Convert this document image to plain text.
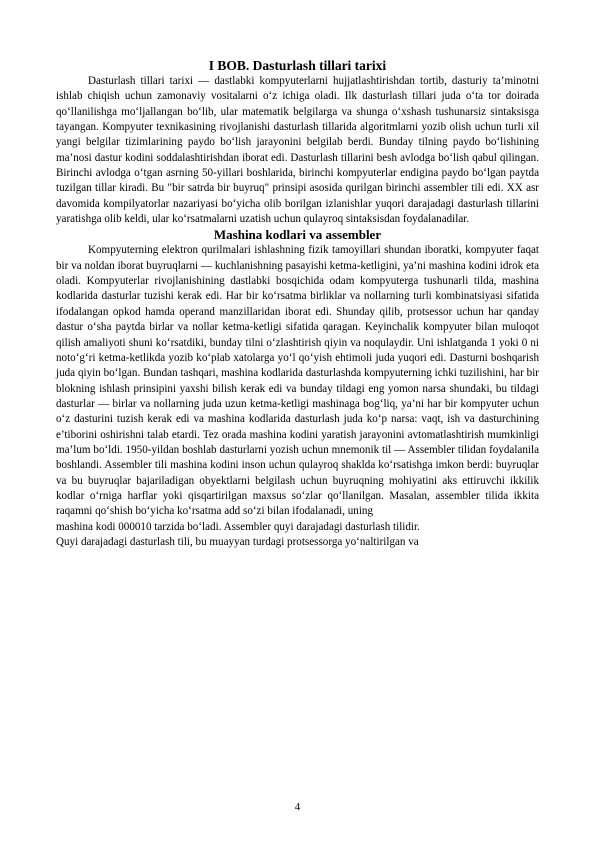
I BOB. Dasturlash tillari tarixi

Dasturlash tillari tarixi — dastlabki kompyuterlarni hujjatlashtirishdan tortib, dasturiy ta’minotni ishlab chiqish uchun zamonaviy vositalarni o‘z ichiga oladi. Ilk dasturlash tillari juda o‘ta tor doirada qo‘llanilishga mo‘ljallangan bo‘lib, ular matematik belgilarga va shunga o‘xshash tushunarsiz sintaksisga tayangan. Kompyuter texnikasining rivojlanishi dasturlash tillarida algoritmlarni yozib olish uchun turli xil yangi belgilar tizimlarining paydo bo‘lish jarayonini belgilab berdi. Bunday tilning paydo bo‘lishining ma’nosi dastur kodini soddalashtirishdan iborat edi. Dasturlash tillarini besh avlodga bo‘lish qabul qilingan. Birinchi avlodga o‘tgan asrning 50-yillari boshlarida, birinchi kompyuterlar endigina paydo bo‘lgan paytda tuzilgan tillar kiradi. Bu "bir satrda bir buyruq" prinsipi asosida qurilgan birinchi assembler tili edi. XX asr davomida kompilyatorlar nazariyasi bo‘yicha olib borilgan izlanishlar yuqori darajadagi dasturlash tillarini yaratishga olib keldi, ular ko‘rsatmalarni uzatish uchun qulayroq sintaksisdan foydalanadilar.

Mashina kodlari va assembler

Kompyuterning elektron qurilmalari ishlashning fizik tamoyillari shundan iboratki, kompyuter faqat bir va noldan iborat buyruqlarni — kuchlanishning pasayishi ketma-ketligini, ya’ni mashina kodini idrok eta oladi. Kompyuterlar rivojlanishining dastlabki bosqichida odam kompyuterga tushunarli tilda, mashina kodlarida dasturlar tuzishi kerak edi. Har bir ko‘rsatma birliklar va nollarning turli kombinatsiyasi sifatida ifodalangan opkod hamda operand manzillaridan iborat edi. Shunday qilib, protsessor uchun har qanday dastur o‘sha paytda birlar va nollar ketma-ketligi sifatida qaragan. Keyinchalik kompyuter bilan muloqot qilish amaliyoti shuni ko‘rsatdiki, bunday tilni o‘zlashtirish qiyin va noqulaydir. Uni ishlatganda 1 yoki 0 ni noto‘g‘ri ketma-ketlikda yozib ko‘plab xatolarga yo‘l qo‘yish ehtimoli juda yuqori edi. Dasturni boshqarish juda qiyin bo‘lgan. Bundan tashqari, mashina kodlarida dasturlashda kompyuterning ichki tuzilishini, har bir blokning ishlash prinsipini yaxshi bilish kerak edi va bunday tildagi eng yomon narsa shundaki, bu tildagi dasturlar — birlar va nollarning juda uzun ketma-ketligi mashinaga bog‘liq, ya’ni har bir kompyuter uchun o‘z dasturini tuzish kerak edi va mashina kodlarida dasturlash juda ko‘p narsa: vaqt, ish va dasturchining e’tiborini oshirishni talab etardi. Tez orada mashina kodini yaratish jarayonini avtomatlashtirish mumkinligi ma’lum bo‘ldi. 1950-yildan boshlab dasturlarni yozish uchun mnemonik til — Assembler tilidan foydalanila boshlandi. Assembler tili mashina kodini inson uchun qulayroq shaklda ko‘rsatishga imkon berdi: buyruqlar va bu buyruqlar bajariladigan obyektlarni belgilash uchun buyruqning mohiyatini aks ettiruvchi ikkilik kodlar o‘rniga harflar yoki qisqartirilgan maxsus so‘zlar qo‘llanilgan. Masalan, assembler tilida ikkita raqamni qo‘shish bo‘yicha ko‘rsatma add so‘zi bilan ifodalanadi, uning

mashina kodi 000010 tarzida bo‘ladi. Assembler quyi darajadagi dasturlash tilidir.

Quyi darajadagi dasturlash tili, bu muayyan turdagi protsessorga yo‘naltirilgan va

4
